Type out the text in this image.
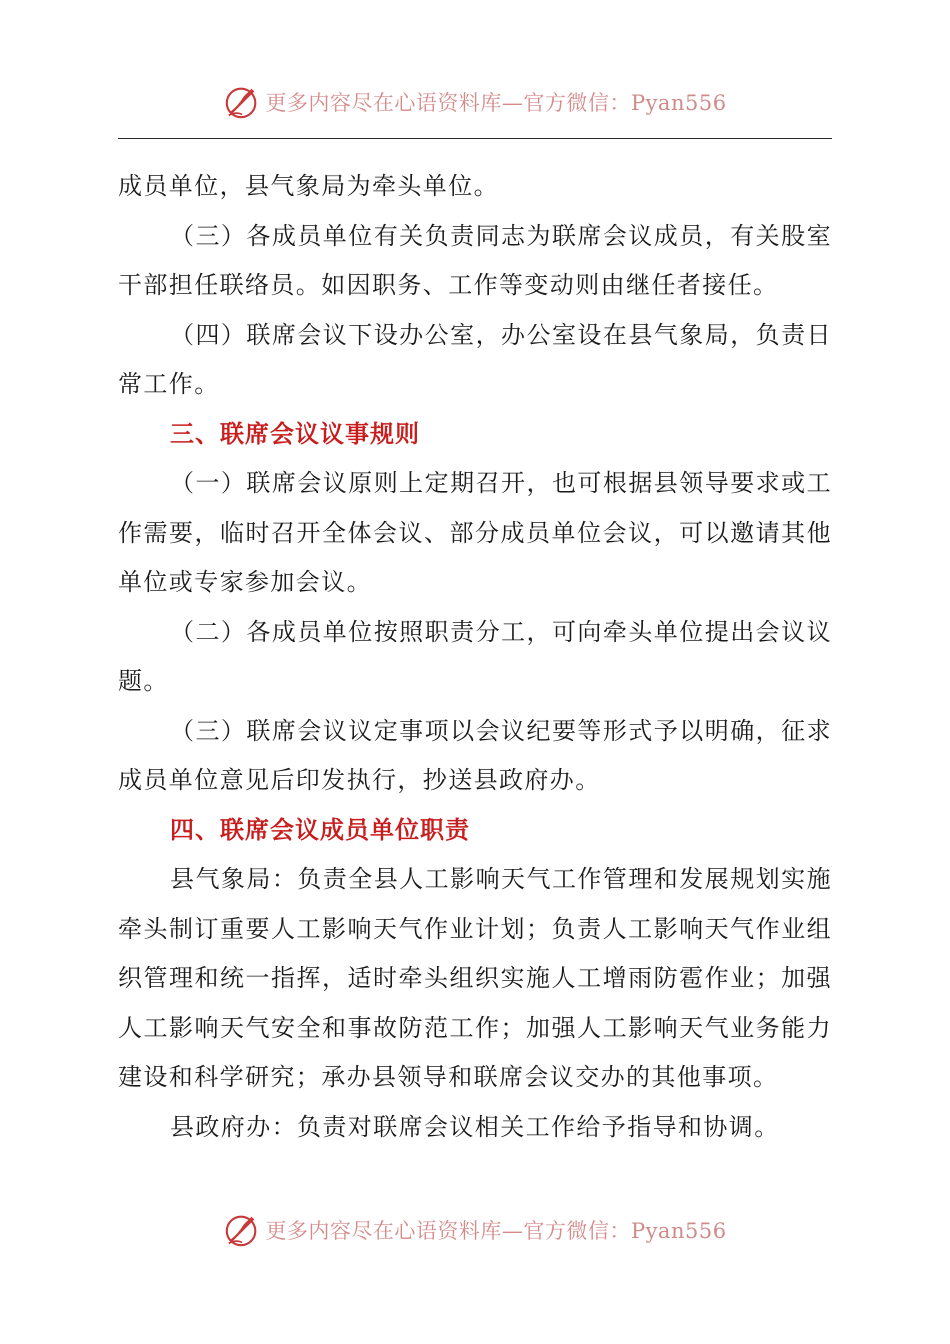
更多内容尽在心语资料库—官方微信：Pyan556

成员单位，县气象局为牵头单位。

（三）各成员单位有关负责同志为联席会议成员，有关股室干部担任联络员。如因职务、工作等变动则由继任者接任。

（四）联席会议下设办公室，办公室设在县气象局，负责日常工作。

三、联席会议议事规则

（一）联席会议原则上定期召开，也可根据县领导要求或工作需要，临时召开全体会议、部分成员单位会议，可以邀请其他单位或专家参加会议。

（二）各成员单位按照职责分工，可向牵头单位提出会议议题。

（三）联席会议议定事项以会议纪要等形式予以明确，征求成员单位意见后印发执行，抄送县政府办。

四、联席会议成员单位职责

县气象局：负责全县人工影响天气工作管理和发展规划实施牵头制订重要人工影响天气作业计划；负责人工影响天气作业组织管理和统一指挥，适时牵头组织实施人工增雨防雹作业；加强人工影响天气安全和事故防范工作；加强人工影响天气业务能力建设和科学研究；承办县领导和联席会议交办的其他事项。

县政府办：负责对联席会议相关工作给予指导和协调。

更多内容尽在心语资料库—官方微信：Pyan556
